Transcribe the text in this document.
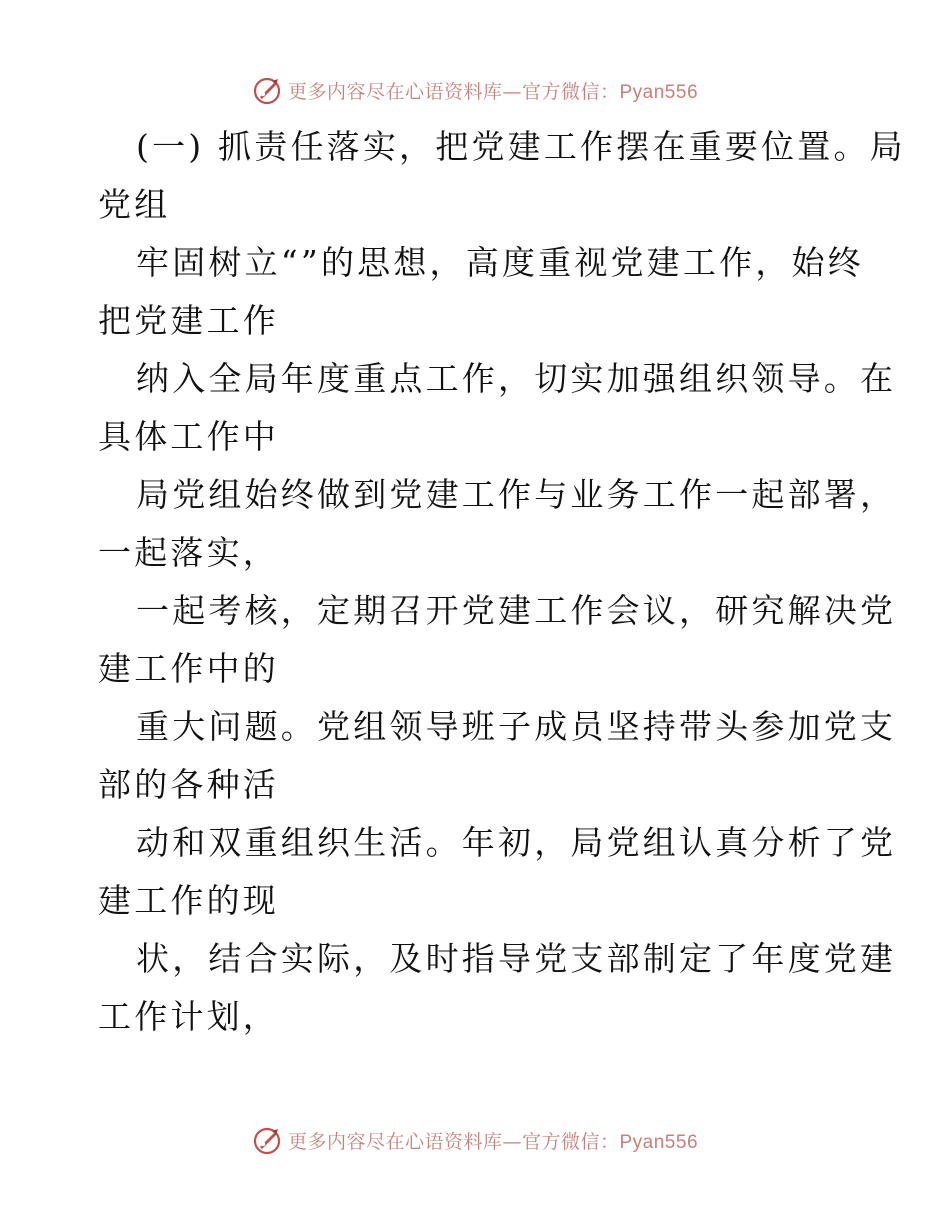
更多内容尽在心语资料库—官方微信：Pyan556
(一) 抓责任落实，把党建工作摆在重要位置。局
党组
牢固树立“”的思想，高度重视党建工作，始终
把党建工作
纳入全局年度重点工作，切实加强组织领导。在
具体工作中
局党组始终做到党建工作与业务工作一起部署，
一起落实，
一起考核，定期召开党建工作会议，研究解决党
建工作中的
重大问题。党组领导班子成员坚持带头参加党支
部的各种活
动和双重组织生活。年初，局党组认真分析了党
建工作的现
状，结合实际，及时指导党支部制定了年度党建
工作计划，
更多内容尽在心语资料库—官方微信：Pyan556
